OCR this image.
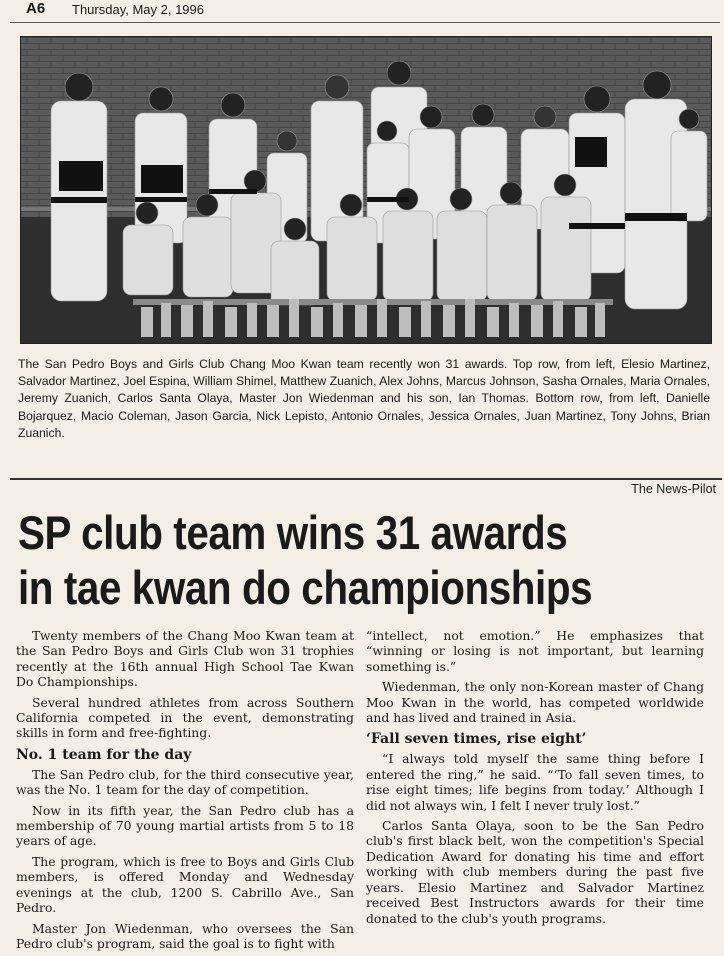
A6 Thursday, May 2, 1996
The San Pedro Boys and Girls Club Chang Moo Kwan team recently won 31 awards. Top row, from left, Elesio Martinez, Salvador Martinez, Joel Espina, William Shimel, Matthew Zuanich, Alex Johns, Marcus Johnson, Sasha Ornales, Maria Ornales, Jeremy Zuanich, Carlos Santa Olaya, Master Jon Wiedenman and his son, Ian Thomas. Bottom row, from left, Danielle Bojarquez, Macio Coleman, Jason Garcia, Nick Lepisto, Antonio Ornales, Jessica Ornales, Juan Martinez, Tony Johns, Brian Zuanich.
The News-Pilot
SP club team wins 31 awards
in tae kwan do championships

Twenty members of the Chang Moo Kwan team at the San Pedro Boys and Girls Club won 31 trophies recently at the 16th annual High School Tae Kwan Do Championships.

Several hundred athletes from across Southern California competed in the event, demonstrating skills in form and free-fighting.

No. 1 team for the day

The San Pedro club, for the third consecutive year, was the No. 1 team for the day of competition.

Now in its fifth year, the San Pedro club has a membership of 70 young martial artists from 5 to 18 years of age.

The program, which is free to Boys and Girls Club members, is offered Monday and Wednesday evenings at the club, 1200 S. Cabrillo Ave., San Pedro.

Master Jon Wiedenman, who oversees the San Pedro club's program, said the goal is to fight with

“intellect, not emotion.” He emphasizes that “winning or losing is not important, but learning something is.”

Wiedenman, the only non-Korean master of Chang Moo Kwan in the world, has competed worldwide and has lived and trained in Asia.

‘Fall seven times, rise eight’

“I always told myself the same thing before I entered the ring,” he said. “‘To fall seven times, to rise eight times; life begins from today.’ Although I did not always win, I felt I never truly lost.”

Carlos Santa Olaya, soon to be the San Pedro club's first black belt, won the competition's Special Dedication Award for donating his time and effort working with club members during the past five years. Elesio Martinez and Salvador Martinez received Best Instructors awards for their time donated to the club's youth programs.
